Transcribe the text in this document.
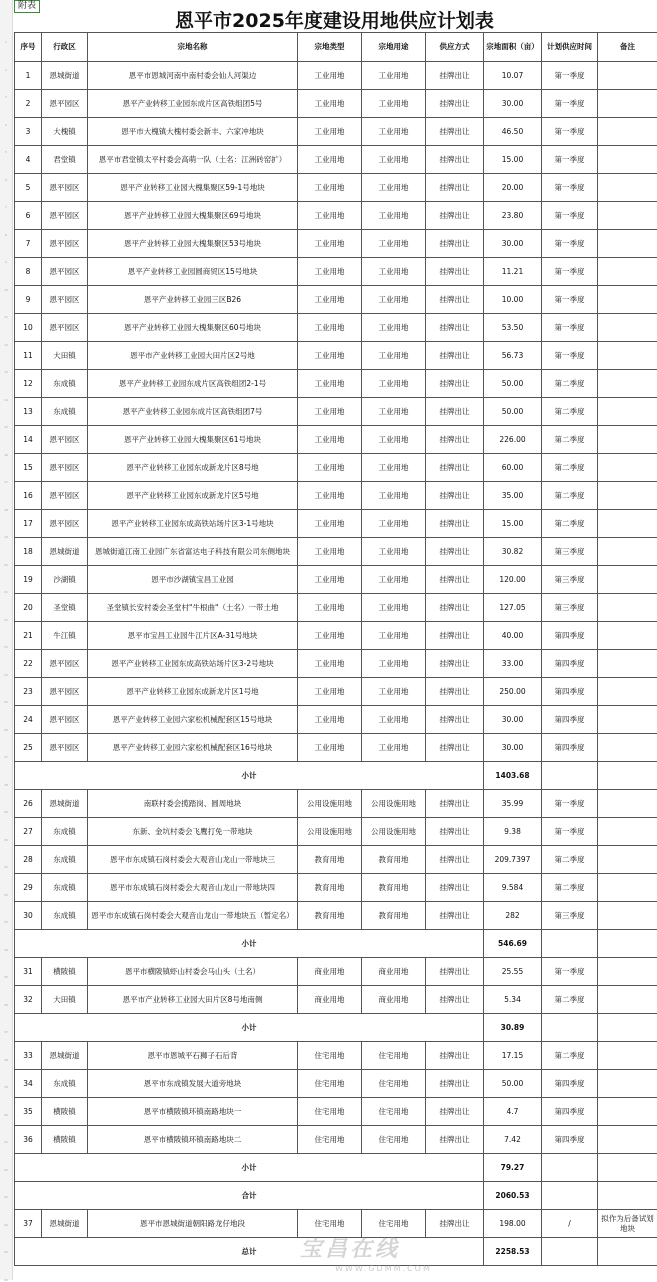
1
2
3
4
5
6
7
8
9
10
11
12
13
14
15
16
17
18
19
20
21
22
23
24
25
26
27
28
29
30
31
32
33
34
35
36
37
38
39
40
41
42
43
44
45
46
附表
恩平市2025年度建设用地供应计划表
序号	行政区	宗地名称	宗地类型	宗地用途	供应方式	宗地面积（亩）	计划供应时间	备注
1	恩城街道	恩平市恩城河南中南村委会仙人河渠边	工业用地	工业用地	挂牌出让	10.07	第一季度	
2	恩平园区	恩平产业转移工业园东成片区高铁组团5号	工业用地	工业用地	挂牌出让	30.00	第一季度	
3	大槐镇	恩平市大槐镇大槐村委会新丰、六家冲地块	工业用地	工业用地	挂牌出让	46.50	第一季度	
4	君堂镇	恩平市君堂镇太平村委会高萌一队（土名：江洲砖窑扩）	工业用地	工业用地	挂牌出让	15.00	第一季度	
5	恩平园区	恩平产业转移工业园大槐集聚区59-1号地块	工业用地	工业用地	挂牌出让	20.00	第一季度	
6	恩平园区	恩平产业转移工业园大槐集聚区69号地块	工业用地	工业用地	挂牌出让	23.80	第一季度	
7	恩平园区	恩平产业转移工业园大槐集聚区53号地块	工业用地	工业用地	挂牌出让	30.00	第一季度	
8	恩平园区	恩平产业转移工业园圆商贸区15号地块	工业用地	工业用地	挂牌出让	11.21	第一季度	
9	恩平园区	恩平产业转移工业园三区B26	工业用地	工业用地	挂牌出让	10.00	第一季度	
10	恩平园区	恩平产业转移工业园大槐集聚区60号地块	工业用地	工业用地	挂牌出让	53.50	第一季度	
11	大田镇	恩平市产业转移工业园大田片区2号地	工业用地	工业用地	挂牌出让	56.73	第一季度	
12	东成镇	恩平产业转移工业园东成片区高铁组团2-1号	工业用地	工业用地	挂牌出让	50.00	第二季度	
13	东成镇	恩平产业转移工业园东成片区高铁组团7号	工业用地	工业用地	挂牌出让	50.00	第二季度	
14	恩平园区	恩平产业转移工业园大槐集聚区61号地块	工业用地	工业用地	挂牌出让	226.00	第二季度	
15	恩平园区	恩平产业转移工业园东成新龙片区8号地	工业用地	工业用地	挂牌出让	60.00	第二季度	
16	恩平园区	恩平产业转移工业园东成新龙片区5号地	工业用地	工业用地	挂牌出让	35.00	第二季度	
17	恩平园区	恩平产业转移工业园东成高铁站场片区3-1号地块	工业用地	工业用地	挂牌出让	15.00	第二季度	
18	恩城街道	恩城街道江南工业园广东省富达电子科技有限公司东侧地块	工业用地	工业用地	挂牌出让	30.82	第三季度	
19	沙湖镇	恩平市沙湖镇宝昌工业园	工业用地	工业用地	挂牌出让	120.00	第三季度	
20	圣堂镇	圣堂镇长安村委会圣堂村"牛根曲"（土名）一带土地	工业用地	工业用地	挂牌出让	127.05	第三季度	
21	牛江镇	恩平市宝昌工业园牛江片区A-31号地块	工业用地	工业用地	挂牌出让	40.00	第四季度	
22	恩平园区	恩平产业转移工业园东成高铁站场片区3-2号地块	工业用地	工业用地	挂牌出让	33.00	第四季度	
23	恩平园区	恩平产业转移工业园东成新龙片区1号地	工业用地	工业用地	挂牌出让	250.00	第四季度	
24	恩平园区	恩平产业转移工业园六家松机械配套区15号地块	工业用地	工业用地	挂牌出让	30.00	第四季度	
25	恩平园区	恩平产业转移工业园六家松机械配套区16号地块	工业用地	工业用地	挂牌出让	30.00	第四季度	
小计						1403.68		
26	恩城街道	南联村委会揽踏岗、圆周地块	公用设施用地	公用设施用地	挂牌出让	35.99	第一季度	
27	东成镇	东新、金坑村委会飞鹰打免一带地块	公用设施用地	公用设施用地	挂牌出让	9.38	第一季度	
28	东成镇	恩平市东成镇石岗村委会大观音山龙山一带地块三	教育用地	教育用地	挂牌出让	209.7397	第二季度	
29	东成镇	恩平市东成镇石岗村委会大观音山龙山一带地块四	教育用地	教育用地	挂牌出让	9.584	第二季度	
30	东成镇	恩平市东成镇石岗村委会大观音山龙山一带地块五（暂定名）	教育用地	教育用地	挂牌出让	282	第三季度	
小计						546.69		
31	横陂镇	恩平市横陂镇虾山村委会马山头（土名）	商业用地	商业用地	挂牌出让	25.55	第一季度	
32	大田镇	恩平市产业转移工业园大田片区8号地南侧	商业用地	商业用地	挂牌出让	5.34	第二季度	
小计						30.89		
33	恩城街道	恩平市恩城平石狮子石后背	住宅用地	住宅用地	挂牌出让	17.15	第二季度	
34	东成镇	恩平市东成镇发展大道旁地块	住宅用地	住宅用地	挂牌出让	50.00	第四季度	
35	横陂镇	恩平市横陂镇环镇南路地块一	住宅用地	住宅用地	挂牌出让	4.7	第四季度	
36	横陂镇	恩平市横陂镇环镇南路地块二	住宅用地	住宅用地	挂牌出让	7.42	第四季度	
小计						79.27		
合计						2060.53		
37	恩城街道	恩平市恩城街道朝阳路龙仔地段	住宅用地	住宅用地	挂牌出让	198.00	/	拟作为后备试划地块
总计						2258.53		
宝昌在线
WWW.GDMM.COM
